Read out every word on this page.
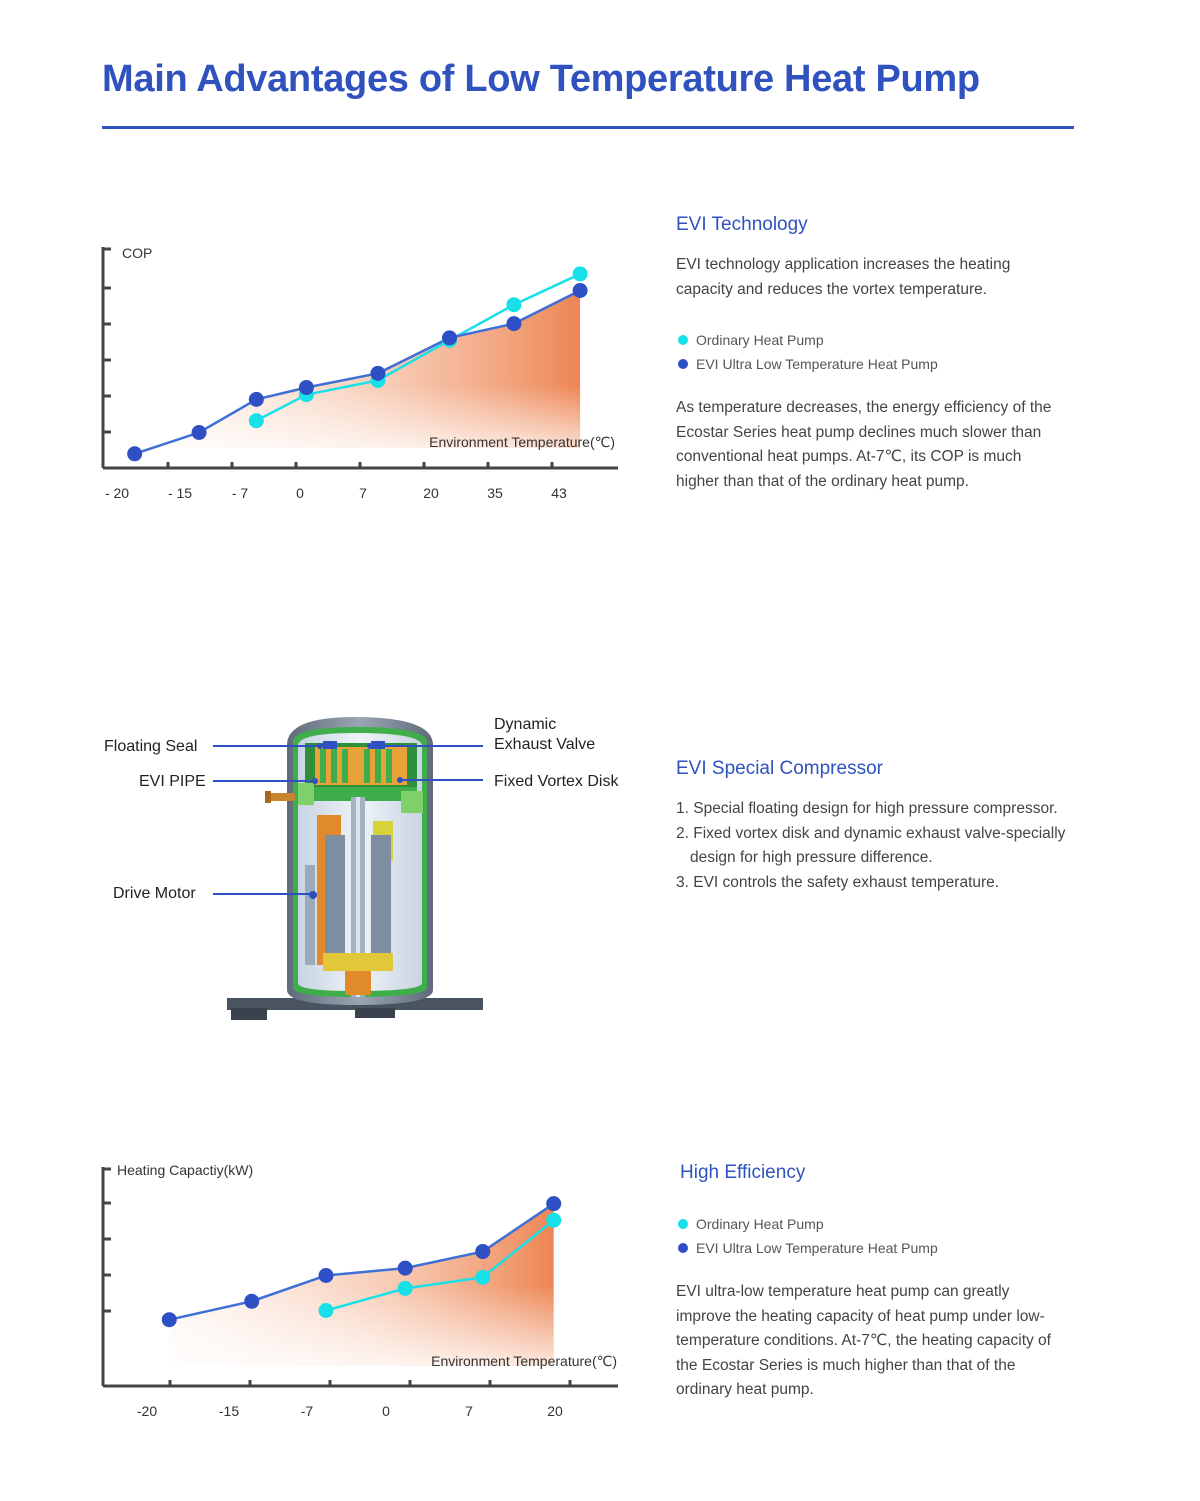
Main Advantages of Low Temperature Heat Pump
COP
Environment Temperature(℃)
- 20	- 15	- 7	0	7	20	35	43
EVI Technology

EVI technology application increases the heating capacity and reduces the vortex temperature.

Ordinary Heat Pump
EVI Ultra Low Temperature Heat Pump

As temperature decreases, the energy efficiency of the Ecostar Series heat pump declines much slower than conventional heat pumps. At-7℃, its COP is much higher than that of the ordinary heat pump.

Floating Seal
EVI PIPE
Drive Motor
Dynamic
Exhaust Valve
Fixed Vortex Disk
EVI Special Compressor
1. Special floating design for high pressure compressor.
2. Fixed vortex disk and dynamic exhaust valve-specially
design for high pressure difference.
3. EVI controls the safety exhaust temperature.
Heating Capactiy(kW)
Environment Temperature(℃)
-20	-15	-7	0	7	20
High Efficiency
Ordinary Heat Pump
EVI Ultra Low Temperature Heat Pump

EVI ultra-low temperature heat pump can greatly improve the heating capacity of heat pump under low-temperature conditions. At-7℃, the heating capacity of the Ecostar Series is much higher than that of the ordinary heat pump.
